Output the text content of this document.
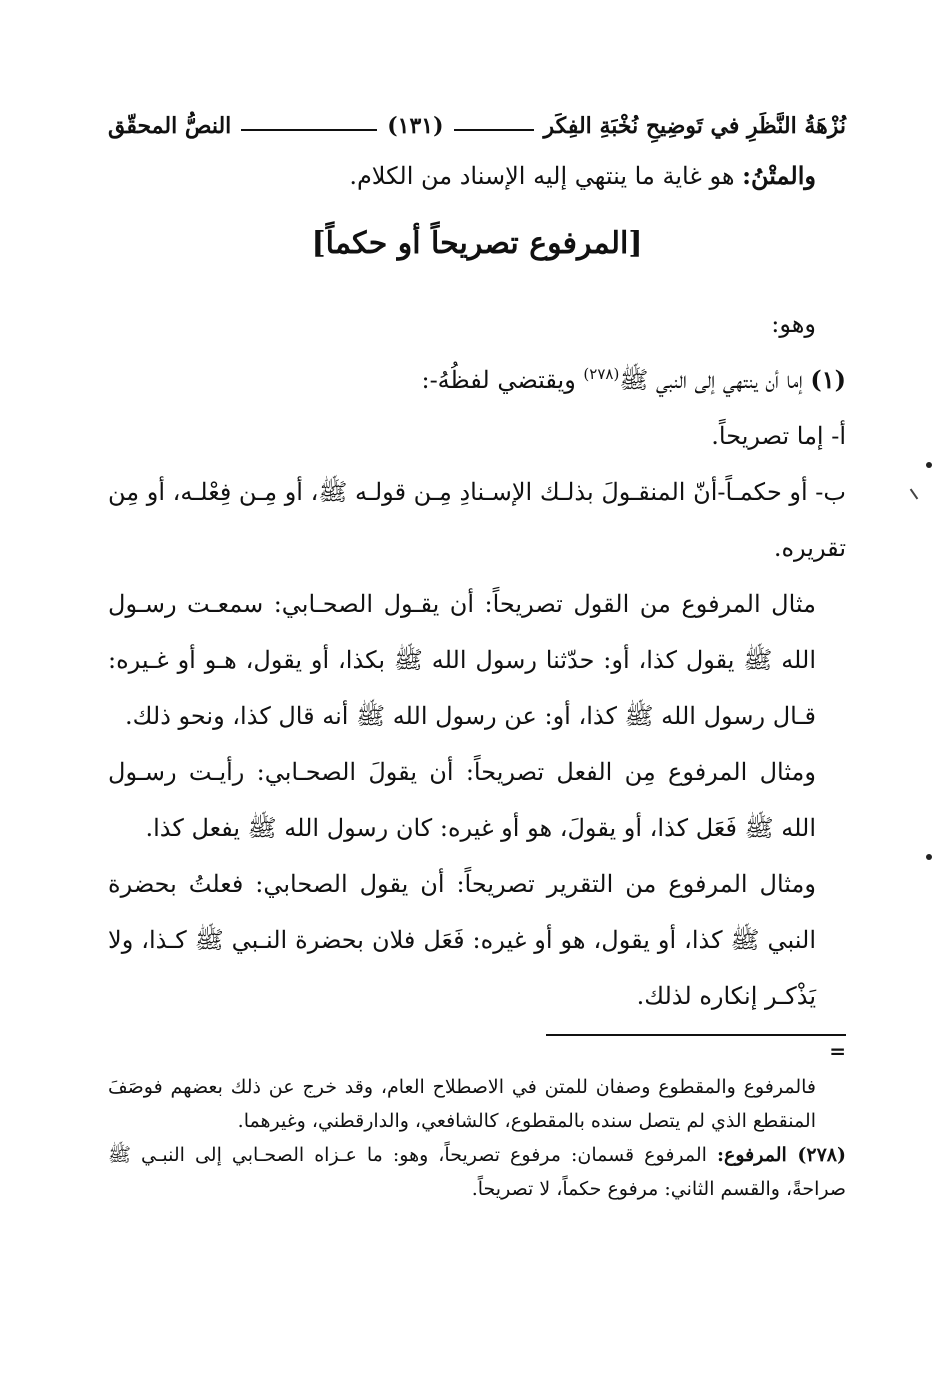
نُزْهَةُ النَّظَرِ في تَوضِيحِ نُخْبَةِ الفِكَر
(١٣١)
النصُّ المحقّق

والمتْنُ: هو غاية ما ينتهي إليه الإسناد من الكلام.

[المرفوع تصريحاً أو حكماً]

وهو:

(١) إما أن ينتهي إلى النبي ﷺ$^{(٢٧٨)}$ ويقتضي لفظُهُ-:

أ- إما تصريحاً.

ب- أو حكمـاً-أنّ المنقـولَ بذلـك الإسـنادِ مِـن قولـه ﷺ، أو مِـن فِعْلـه، أو مِن تقريره.

مثال المرفوع من القول تصريحاً: أن يقـول الصحـابي: سمعـت رسـول الله ﷺ يقول كذا، أو: حدّثنا رسول الله ﷺ بكذا، أو يقول، هـو أو غـيره: قـال رسول الله ﷺ كذا، أو: عن رسول الله ﷺ أنه قال كذا، ونحو ذلك.

ومثال المرفوع مِن الفعل تصريحاً: أن يقولَ الصحـابي: رأيـت رسـول الله ﷺ فَعَل كذا، أو يقولَ، هو أو غيره: كان رسول الله ﷺ يفعل كذا.

ومثال المرفوع من التقرير تصريحاً: أن يقول الصحابي: فعلتُ بحضرة النبي ﷺ كذا، أو يقول، هو أو غيره: فَعَل فلان بحضرة النـبي ﷺ كـذا، ولا يَذْكـر إنكاره لذلك.

=

فالمرفوع والمقطوع وصفان للمتن في الاصطلاح العام، وقد خرج عن ذلك بعضهم فوصَفَ المنقطع الذي لم يتصل سنده بالمقطوع، كالشافعي، والدارقطني، وغيرهما.

(٢٧٨) المرفوع: المرفوع قسمان: مرفوع تصريحاً، وهو: ما عـزاه الصحـابي إلى النبـي ﷺ صراحةً، والقسم الثاني: مرفوع حكماً، لا تصريحاً.
